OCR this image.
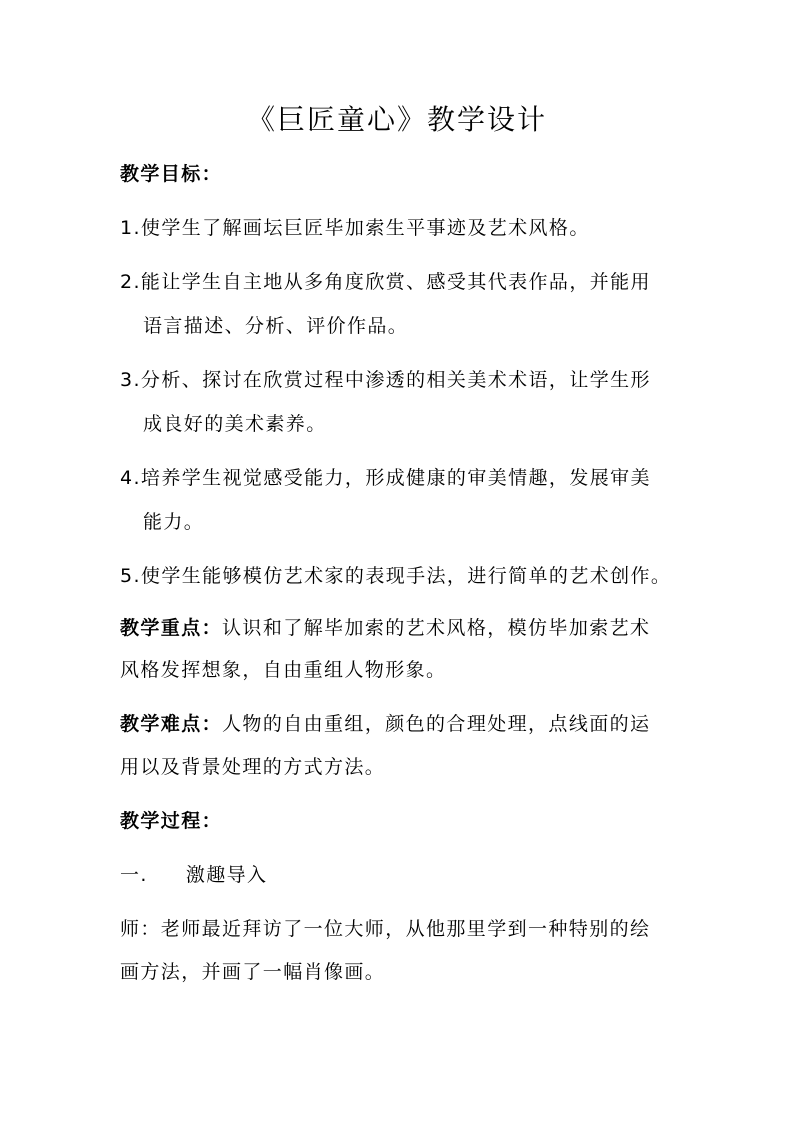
《巨匠童心》教学设计
教学目标：
1.使学生了解画坛巨匠毕加索生平事迹及艺术风格。
2.能让学生自主地从多角度欣赏、感受其代表作品，并能用
语言描述、分析、评价作品。
3.分析、探讨在欣赏过程中渗透的相关美术术语，让学生形
成良好的美术素养。
4.培养学生视觉感受能力，形成健康的审美情趣，发展审美
能力。
5.使学生能够模仿艺术家的表现手法，进行简单的艺术创作。
教学重点：认识和了解毕加索的艺术风格，模仿毕加索艺术
风格发挥想象，自由重组人物形象。
教学难点：人物的自由重组，颜色的合理处理，点线面的运
用以及背景处理的方式方法。
教学过程：
一. 激趣导入
师：老师最近拜访了一位大师，从他那里学到一种特别的绘
画方法，并画了一幅肖像画。
